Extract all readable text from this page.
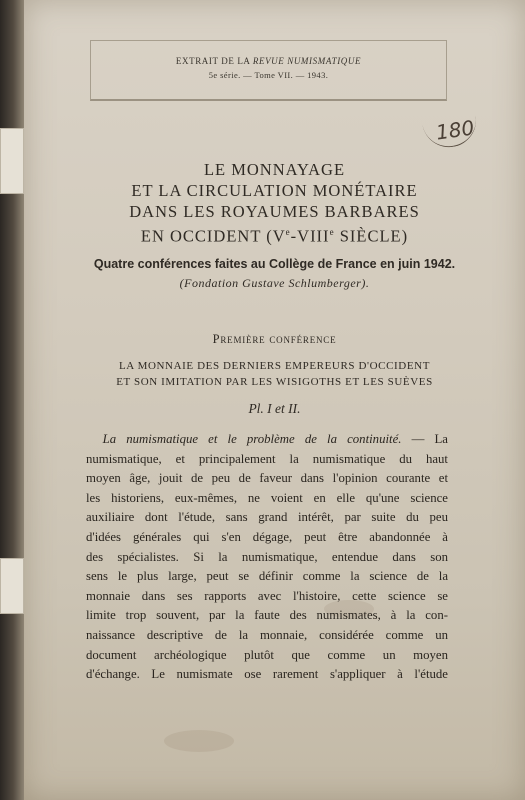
EXTRAIT DE LA REVUE NUMISMATIQUE
5e série. — Tome VII. — 1943.
180
LE MONNAYAGE
ET LA CIRCULATION MONÉTAIRE
DANS LES ROYAUMES BARBARES
EN OCCIDENT (Ve-VIIIe SIÈCLE)
Quatre conférences faites au Collège de France en juin 1942.
(Fondation Gustave Schlumberger).
Première conférence
LA MONNAIE DES DERNIERS EMPEREURS D'OCCIDENT
ET SON IMITATION PAR LES WISIGOTHS ET LES SUÈVES
Pl. I et II.
La numismatique et le problème de la continuité. — La
numismatique, et principalement la numismatique du haut
moyen âge, jouit de peu de faveur dans l'opinion courante et
les historiens, eux-mêmes, ne voient en elle qu'une science
auxiliaire dont l'étude, sans grand intérêt, par suite du peu
d'idées générales qui s'en dégage, peut être abandonnée à
des spécialistes. Si la numismatique, entendue dans son
sens le plus large, peut se définir comme la science de la
monnaie dans ses rapports avec l'histoire, cette science se
limite trop souvent, par la faute des numismates, à la con-
naissance descriptive de la monnaie, considérée comme un
document archéologique plutôt que comme un moyen
d'échange. Le numismate ose rarement s'appliquer à l'étude
